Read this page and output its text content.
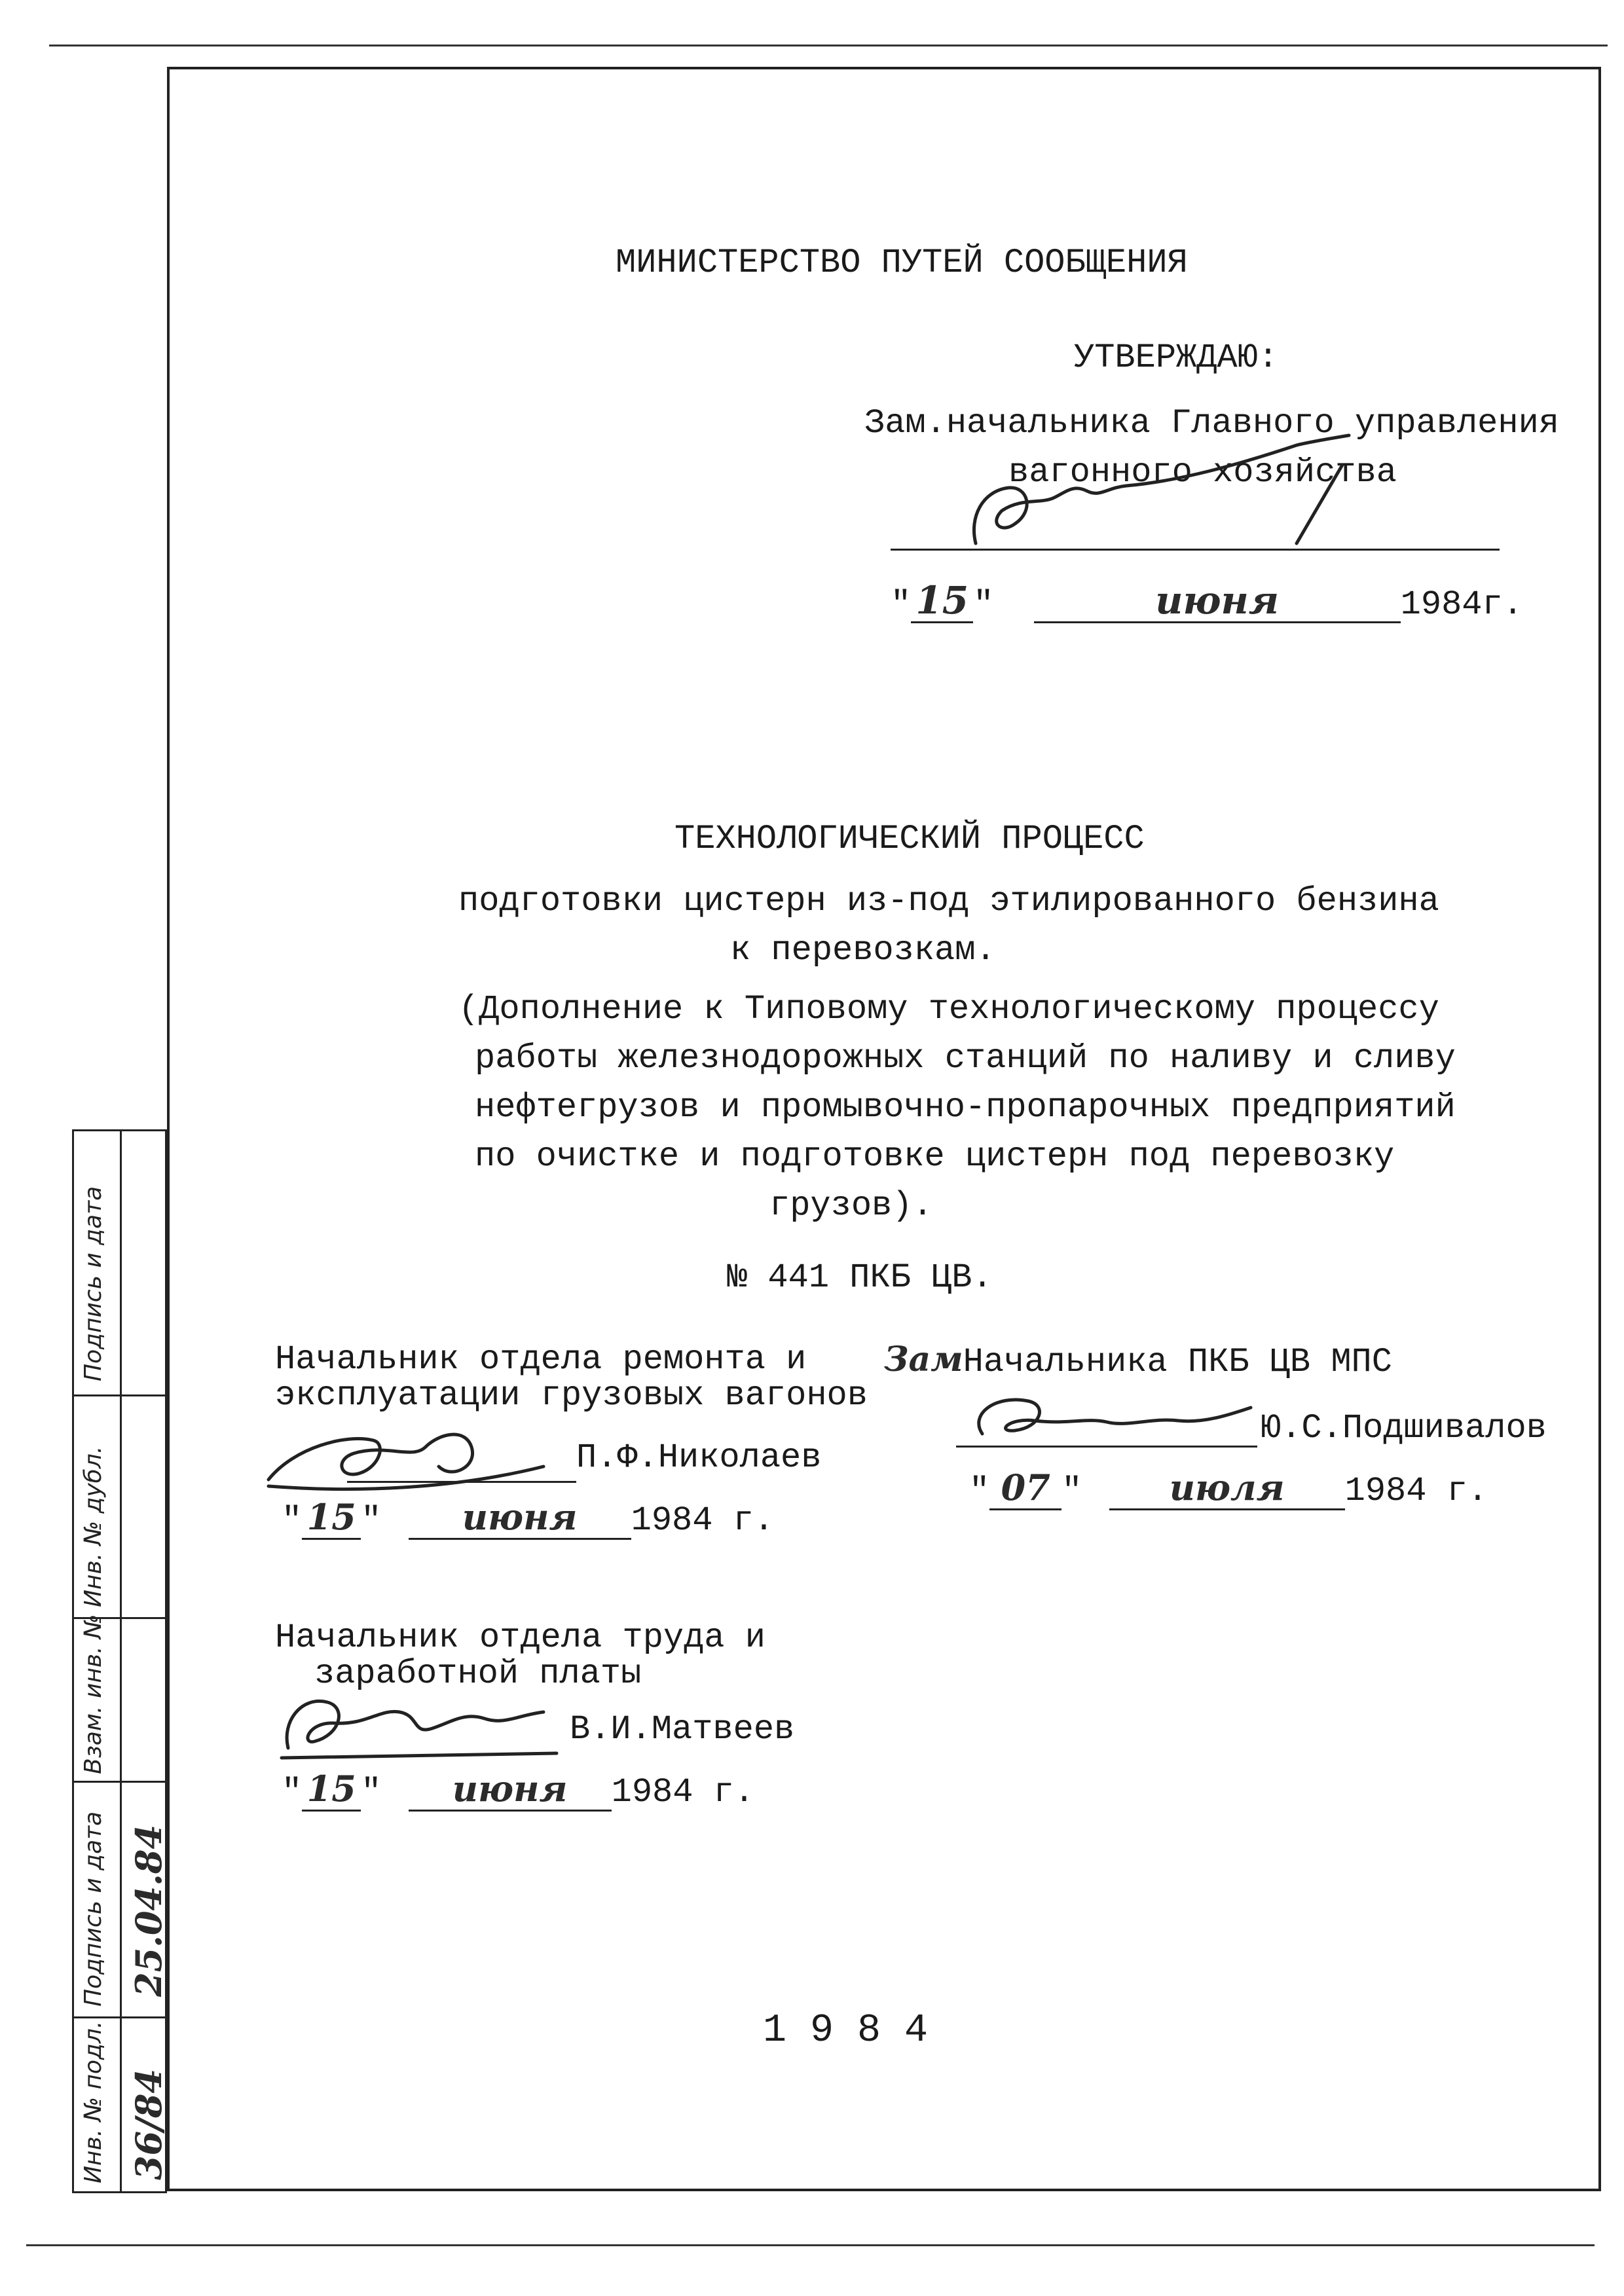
Подпись и дата
Инв. № дубл.
Взам. инв. №
Подпись и дата
Инв. № подл.
25.04.84
36/84
МИНИСТЕРСТВО ПУТЕЙ СООБЩЕНИЯ
УТВЕРЖДАЮ:
Зам.начальника Главного управления
вагонного хозяйства
" 15 "	июня	1984г.
ТЕХНОЛОГИЧЕСКИЙ ПРОЦЕСС
подготовки цистерн из-под этилированного бензина
к перевозкам.
(Дополнение к Типовому технологическому процессу
работы железнодорожных станций по наливу и сливу
нефтегрузов и промывочно-пропарочных предприятий
по очистке и подготовке цистерн под перевозку
грузов).
№ 441 ПКБ ЦВ.
Начальник отдела ремонта и
эксплуатации грузовых вагонов
П.Ф.Николаев
" 15 " июня 1984 г.
ЗамНачальника ПКБ ЦВ МПС
Ю.С.Подшивалов
" 07 " июля 1984 г.
Начальник отдела труда и
заработной платы
В.И.Матвеев
" 15 " июня 1984 г.
1 9 8 4
